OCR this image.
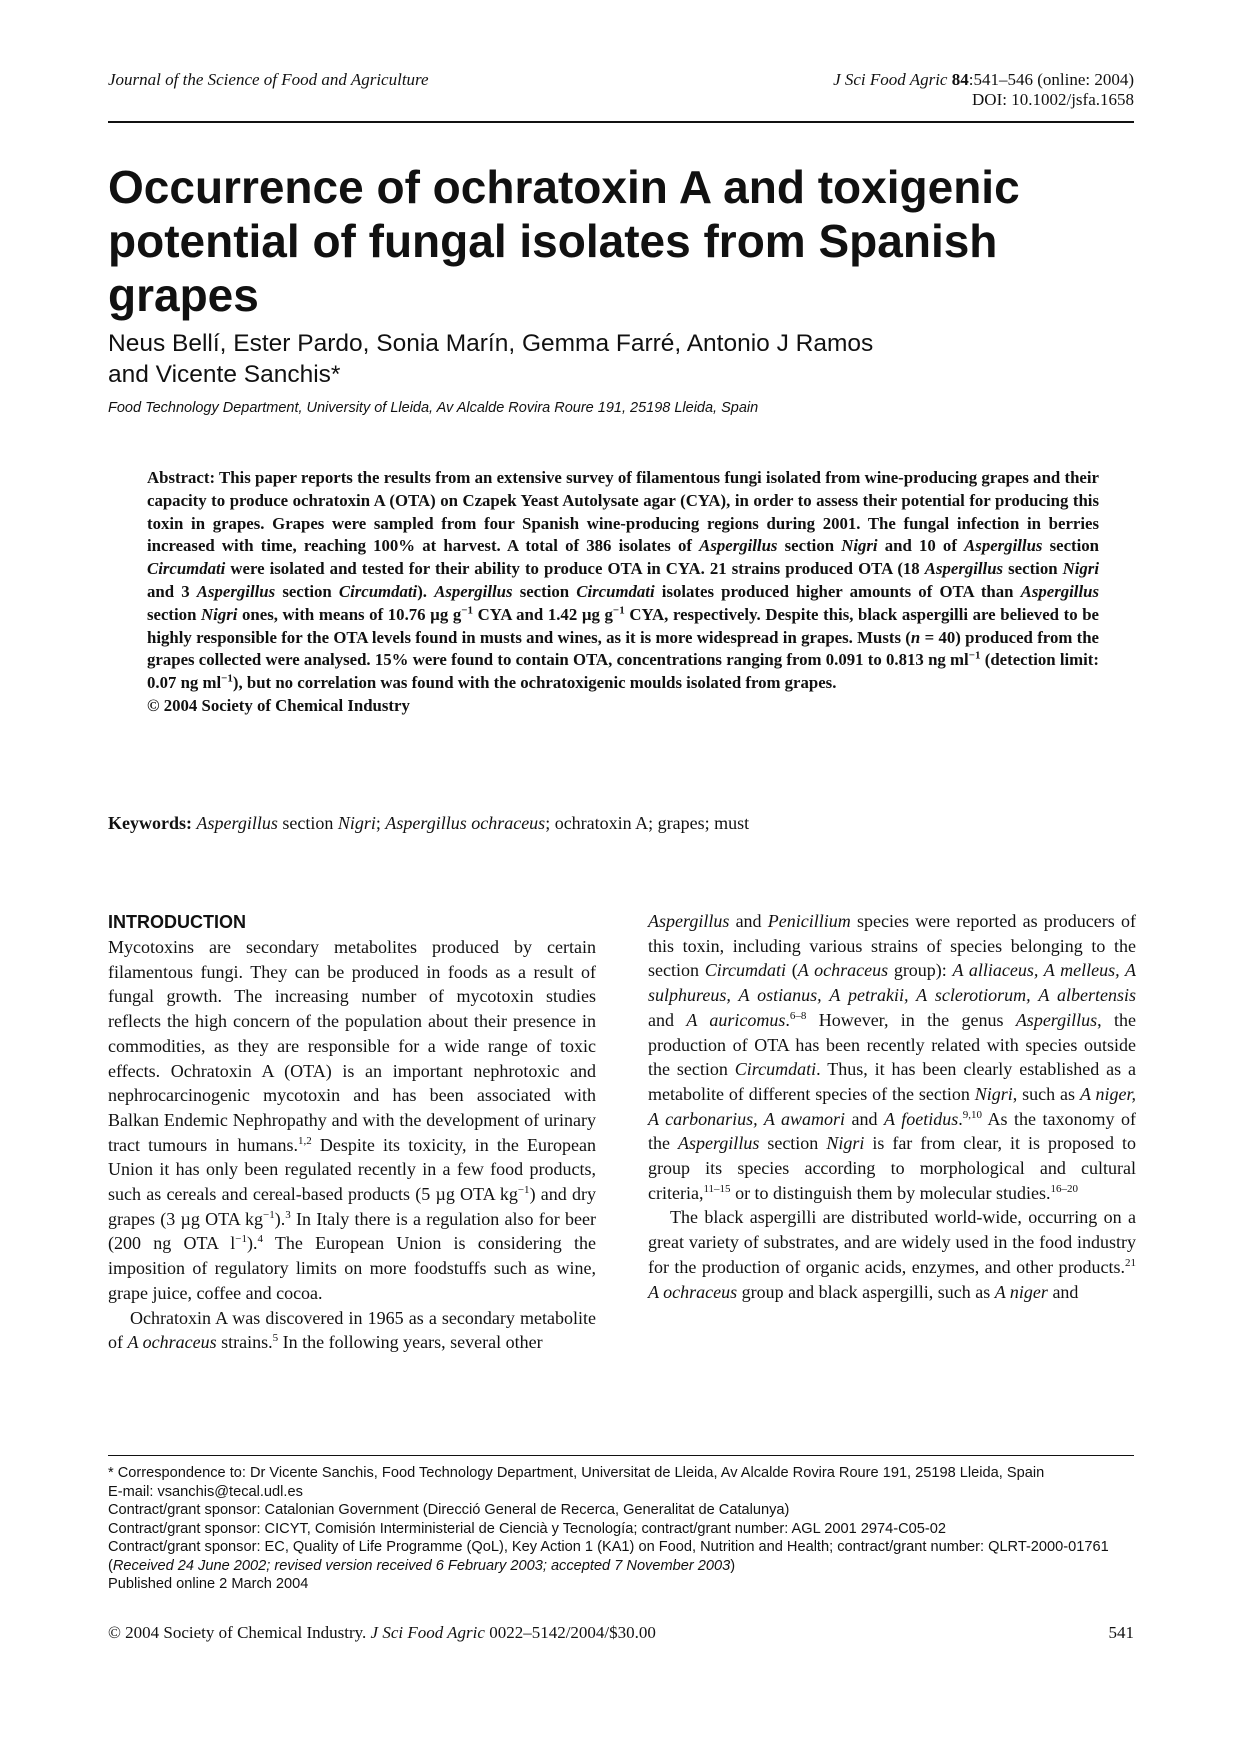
Journal of the Science of Food and Agriculture	J Sci Food Agric 84:541–546 (online: 2004)
DOI: 10.1002/jsfa.1658
Occurrence of ochratoxin A and toxigenic potential of fungal isolates from Spanish grapes
Neus Bellí, Ester Pardo, Sonia Marín, Gemma Farré, Antonio J Ramos
and Vicente Sanchis*
Food Technology Department, University of Lleida, Av Alcalde Rovira Roure 191, 25198 Lleida, Spain

Abstract: This paper reports the results from an extensive survey of filamentous fungi isolated from wine-producing grapes and their capacity to produce ochratoxin A (OTA) on Czapek Yeast Autolysate agar (CYA), in order to assess their potential for producing this toxin in grapes. Grapes were sampled from four Spanish wine-producing regions during 2001. The fungal infection in berries increased with time, reaching 100% at harvest. A total of 386 isolates of Aspergillus section Nigri and 10 of Aspergillus section Circumdati were isolated and tested for their ability to produce OTA in CYA. 21 strains produced OTA (18 Aspergillus section Nigri and 3 Aspergillus section Circumdati). Aspergillus section Circumdati isolates produced higher amounts of OTA than Aspergillus section Nigri ones, with means of 10.76 µg $g^{-1}$ CYA and 1.42 µg $g^{-1}$ CYA, respectively. Despite this, black aspergilli are believed to be highly responsible for the OTA levels found in musts and wines, as it is more widespread in grapes. Musts (n = 40) produced from the grapes collected were analysed. 15% were found to contain OTA, concentrations ranging from 0.091 to 0.813 ng $ml^{-1}$ (detection limit: 0.07 ng $ml^{-1}$), but no correlation was found with the ochratoxigenic moulds isolated from grapes.
© 2004 Society of Chemical Industry

Keywords: Aspergillus section Nigri; Aspergillus ochraceus; ochratoxin A; grapes; must
INTRODUCTION

Mycotoxins are secondary metabolites produced by certain filamentous fungi. They can be produced in foods as a result of fungal growth. The increasing number of mycotoxin studies reflects the high concern of the population about their presence in commodities, as they are responsible for a wide range of toxic effects. Ochratoxin A (OTA) is an important nephrotoxic and nephrocarcinogenic mycotoxin and has been associated with Balkan Endemic Nephropathy and with the development of urinary tract tumours in humans.$^{1,2}$ Despite its toxicity, in the European Union it has only been regulated recently in a few food products, such as cereals and cereal-based products (5 µg OTA $kg^{-1}$) and dry grapes (3 µg OTA $kg^{-1}).^3$ In Italy there is a regulation also for beer (200 ng OTA $l^{-1}).^4$ The European Union is considering the imposition of regulatory limits on more foodstuffs such as wine, grape juice, coffee and cocoa.

Ochratoxin A was discovered in 1965 as a secondary metabolite of A ochraceus strains.$^5$ In the following years, several other

Aspergillus and Penicillium species were reported as producers of this toxin, including various strains of species belonging to the section Circumdati (A ochraceus group): A alliaceus, A melleus, A sulphureus, A ostianus, A petrakii, A sclerotiorum, A albertensis and A auricomus.$^{6-8}$ However, in the genus Aspergillus, the production of OTA has been recently related with species outside the section Circumdati. Thus, it has been clearly established as a metabolite of different species of the section Nigri, such as A niger, A carbonarius, A awamori and A foetidus.$^{9,10}$ As the taxonomy of the Aspergillus section Nigri is far from clear, it is proposed to group its species according to morphological and cultural criteria,$^{11-15}$ or to distinguish them by molecular studies.$^{16-20}$

The black aspergilli are distributed world-wide, occurring on a great variety of substrates, and are widely used in the food industry for the production of organic acids, enzymes, and other products.$^{21}$ A ochraceus group and black aspergilli, such as A niger and

* Correspondence to: Dr Vicente Sanchis, Food Technology Department, Universitat de Lleida, Av Alcalde Rovira Roure 191, 25198 Lleida, Spain
E-mail: vsanchis@tecal.udl.es
Contract/grant sponsor: Catalonian Government (Direcció General de Recerca, Generalitat de Catalunya)
Contract/grant sponsor: CICYT, Comisión Interministerial de Ciencià y Tecnología; contract/grant number: AGL 2001 2974-C05-02
Contract/grant sponsor: EC, Quality of Life Programme (QoL), Key Action 1 (KA1) on Food, Nutrition and Health; contract/grant number: QLRT-2000-01761
(Received 24 June 2002; revised version received 6 February 2003; accepted 7 November 2003)
Published online 2 March 2004
© 2004 Society of Chemical Industry. J Sci Food Agric 0022–5142/2004/$30.00	541
